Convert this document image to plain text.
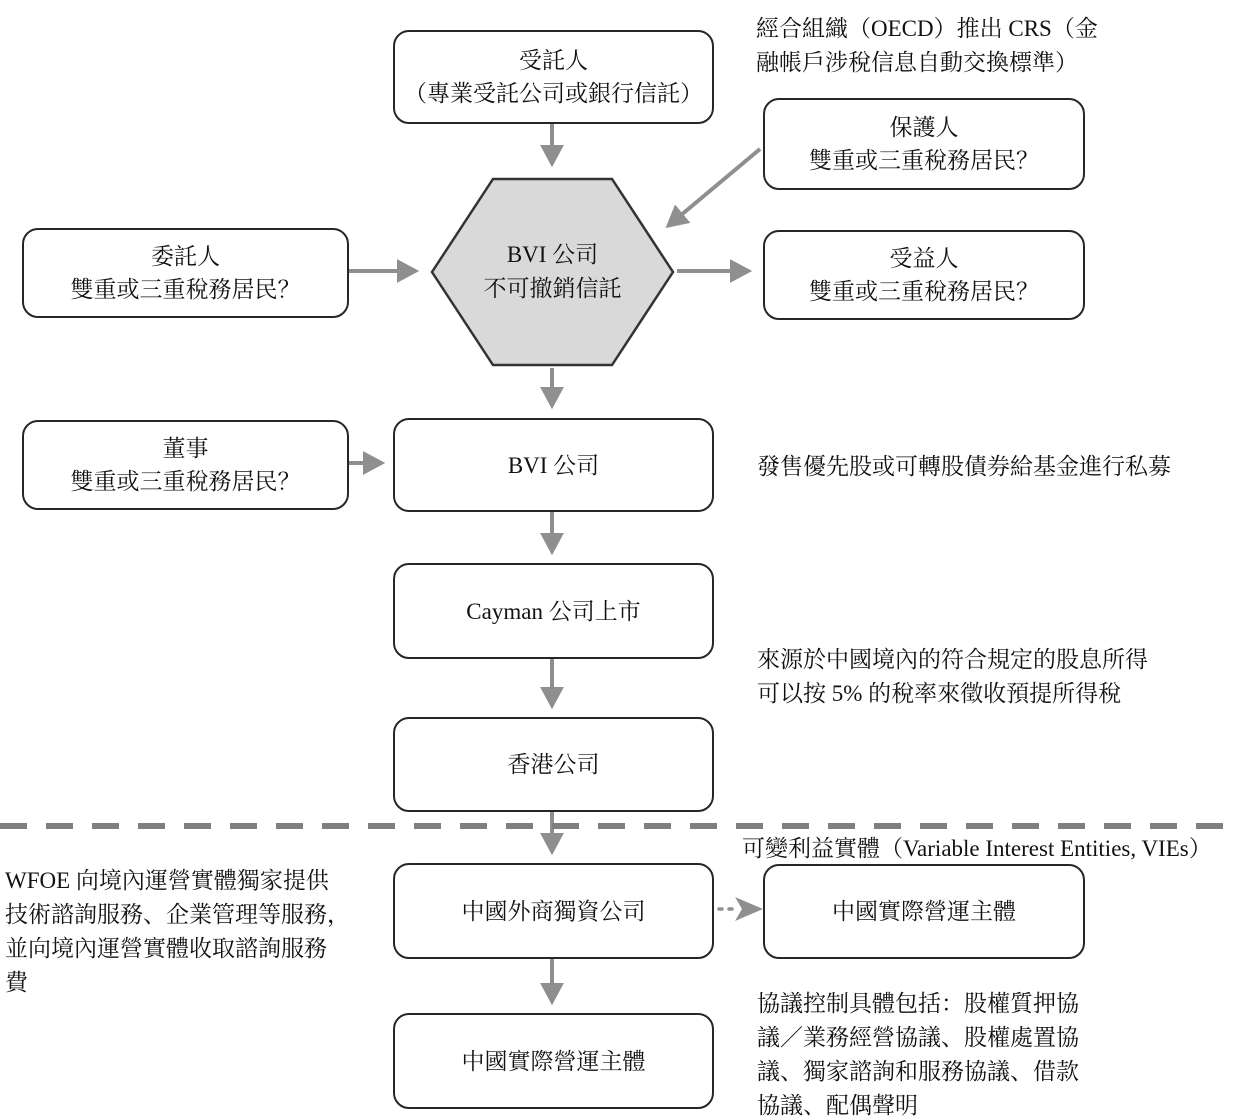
BVI 公司
不可撤銷信託
受託人
（專業受託公司或銀行信託）
保護人
雙重或三重稅務居民？
委託人
雙重或三重稅務居民？
受益人
雙重或三重稅務居民？
董事
雙重或三重稅務居民？
BVI 公司
Cayman 公司上市
香港公司
中國外商獨資公司	中國實際營運主體
中國實際營運主體
經合組織（OECD）推出 CRS（金
融帳戶涉稅信息自動交換標準）
發售優先股或可轉股債券給基金進行私募
來源於中國境內的符合規定的股息所得
可以按 5% 的稅率來徵收預提所得稅
可變利益實體（Variable Interest Entities, VIEs）
WFOE 向境內運營實體獨家提供
技術諮詢服務、企業管理等服務，
並向境內運營實體收取諮詢服務
費
協議控制具體包括：股權質押協
議／業務經營協議、股權處置協
議、獨家諮詢和服務協議、借款
協議、配偶聲明
